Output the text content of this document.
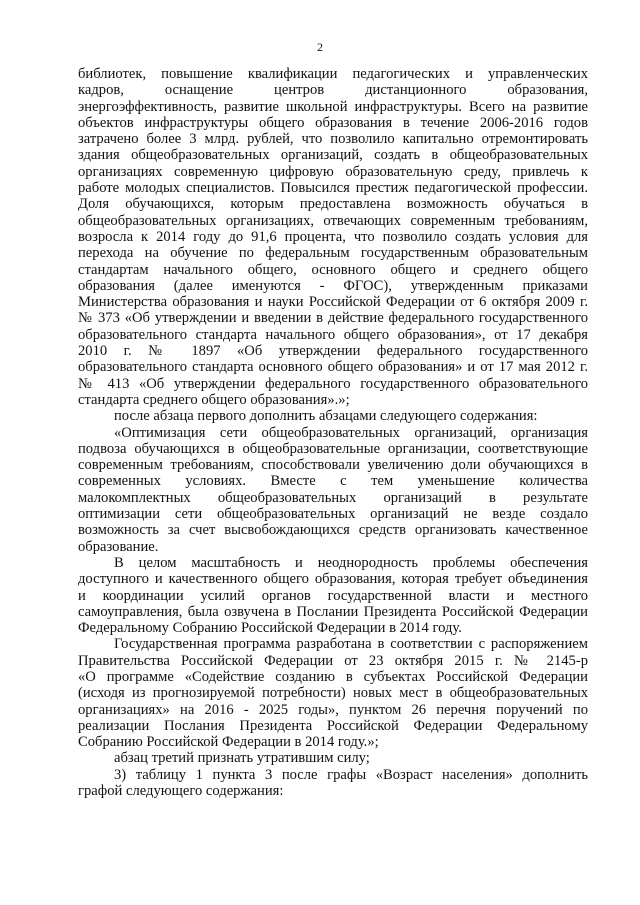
2
библиотек, повышение квалификации педагогических и управленческих
кадров, оснащение центров дистанционного образования,
энергоэффективность, развитие школьной инфраструктуры. Всего на развитие
объектов инфраструктуры общего образования в течение 2006-2016 годов
затрачено более 3 млрд. рублей, что позволило капитально отремонтировать
здания общеобразовательных организаций, создать в общеобразовательных
организациях современную цифровую образовательную среду, привлечь к
работе молодых специалистов. Повысился престиж педагогической профессии.
Доля обучающихся, которым предоставлена возможность обучаться в
общеобразовательных организациях, отвечающих современным требованиям,
возросла к 2014 году до 91,6 процента, что позволило создать условия для
перехода на обучение по федеральным государственным образовательным
стандартам начального общего, основного общего и среднего общего
образования (далее именуются - ФГОС), утвержденным приказами
Министерства образования и науки Российской Федерации от 6 октября 2009 г.
№ 373 «Об утверждении и введении в действие федерального государственного
образовательного стандарта начального общего образования», от 17 декабря
2010 г. № 1897 «Об утверждении федерального государственного
образовательного стандарта основного общего образования» и от 17 мая 2012 г.
№ 413 «Об утверждении федерального государственного образовательного
стандарта среднего общего образования».»;
после абзаца первого дополнить абзацами следующего содержания:
«Оптимизация сети общеобразовательных организаций, организация
подвоза обучающихся в общеобразовательные организации, соответствующие
современным требованиям, способствовали увеличению доли обучающихся в
современных условиях. Вместе с тем уменьшение количества
малокомплектных общеобразовательных организаций в результате
оптимизации сети общеобразовательных организаций не везде создало
возможность за счет высвобождающихся средств организовать качественное
образование.
В целом масштабность и неоднородность проблемы обеспечения
доступного и качественного общего образования, которая требует объединения
и координации усилий органов государственной власти и местного
самоуправления, была озвучена в Послании Президента Российской Федерации
Федеральному Собранию Российской Федерации в 2014 году.
Государственная программа разработана в соответствии с распоряжением
Правительства Российской Федерации от 23 октября 2015 г. № 2145-р
«О программе «Содействие созданию в субъектах Российской Федерации
(исходя из прогнозируемой потребности) новых мест в общеобразовательных
организациях» на 2016 - 2025 годы», пунктом 26 перечня поручений по
реализации Послания Президента Российской Федерации Федеральному
Собранию Российской Федерации в 2014 году.»;
абзац третий признать утратившим силу;
3) таблицу 1 пункта 3 после графы «Возраст населения» дополнить
графой следующего содержания:
